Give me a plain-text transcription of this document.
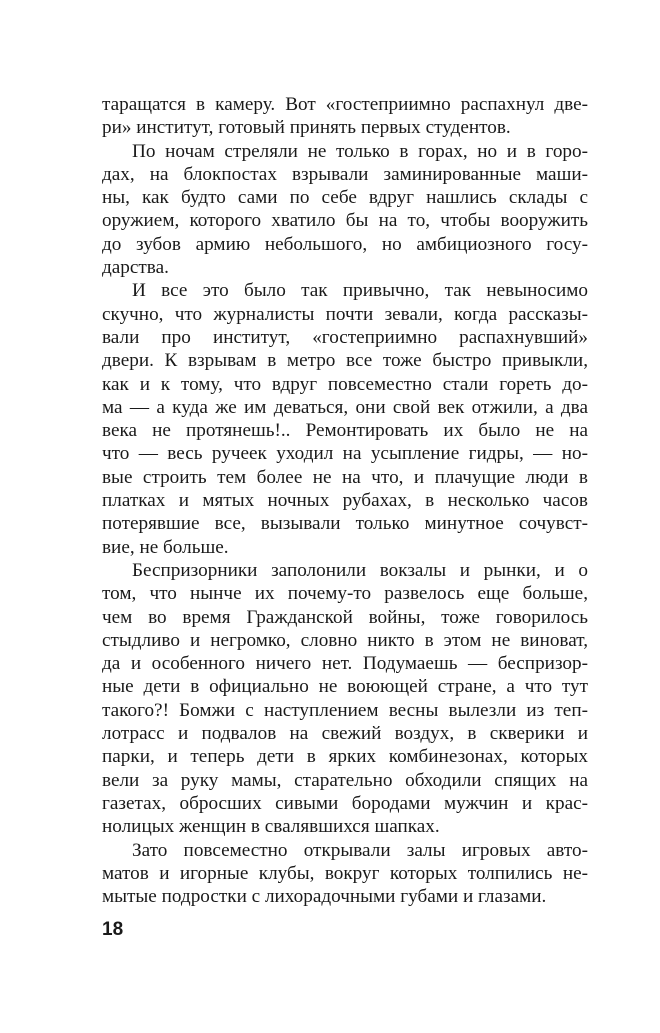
таращатся в камеру. Вот «гостеприимно распахнул две-
ри» институт, готовый принять первых студентов.
По ночам стреляли не только в горах, но и в горо-
дах, на блокпостах взрывали заминированные маши-
ны, как будто сами по себе вдруг нашлись склады с
оружием, которого хватило бы на то, чтобы вооружить
до зубов армию небольшого, но амбициозного госу-
дарства.
И все это было так привычно, так невыносимо
скучно, что журналисты почти зевали, когда рассказы-
вали про институт, «гостеприимно распахнувший»
двери. К взрывам в метро все тоже быстро привыкли,
как и к тому, что вдруг повсеместно стали гореть до-
ма — а куда же им деваться, они свой век отжили, а два
века не протянешь!.. Ремонтировать их было не на
что — весь ручеек уходил на усыпление гидры, — но-
вые строить тем более не на что, и плачущие люди в
платках и мятых ночных рубахах, в несколько часов
потерявшие все, вызывали только минутное сочувст-
вие, не больше.
Беспризорники заполонили вокзалы и рынки, и о
том, что нынче их почему-то развелось еще больше,
чем во время Гражданской войны, тоже говорилось
стыдливо и негромко, словно никто в этом не виноват,
да и особенного ничего нет. Подумаешь — беспризор-
ные дети в официально не воюющей стране, а что тут
такого?! Бомжи с наступлением весны вылезли из теп-
лотрасс и подвалов на свежий воздух, в скверики и
парки, и теперь дети в ярких комбинезонах, которых
вели за руку мамы, старательно обходили спящих на
газетах, обросших сивыми бородами мужчин и крас-
нолицых женщин в свалявшихся шапках.
Зато повсеместно открывали залы игровых авто-
матов и игорные клубы, вокруг которых толпились не-
мытые подростки с лихорадочными губами и глазами.
18
